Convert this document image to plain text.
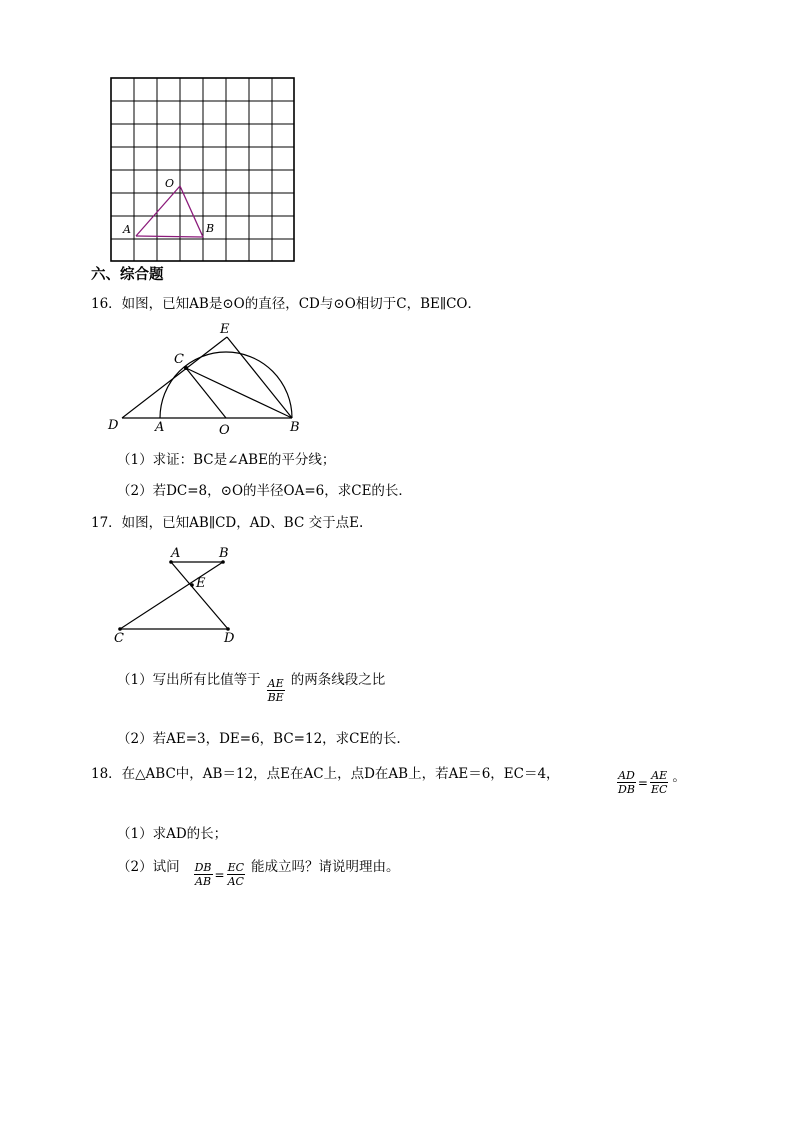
O
A	B
六、综合题
16．如图，已知AB是⊙O的直径，CD与⊙O相切于C，BE∥CO．
E
C
D	A	O	B
（1）求证：BC是∠ABE的平分线；
（2）若DC=8，⊙O的半径OA=6，求CE的长．
17．如图，已知AB∥CD，AD、BC 交于点E.
A	B
E
C	D
（1）写出所有比值等于 $\frac{AE}{BE}$ 的两条线段之比
（2）若AE=3，DE=6，BC=12，求CE的长.
18．在△ABC中，AB＝12，点E在AC上，点D在AB上，若AE＝6，EC＝4，	$\frac{AD}{DB} = \frac{AE}{EC}$ 。
（1）求AD的长；
（2）试问 $\frac{DB}{AB} = \frac{EC}{AC}$ 能成立吗？请说明理由。
